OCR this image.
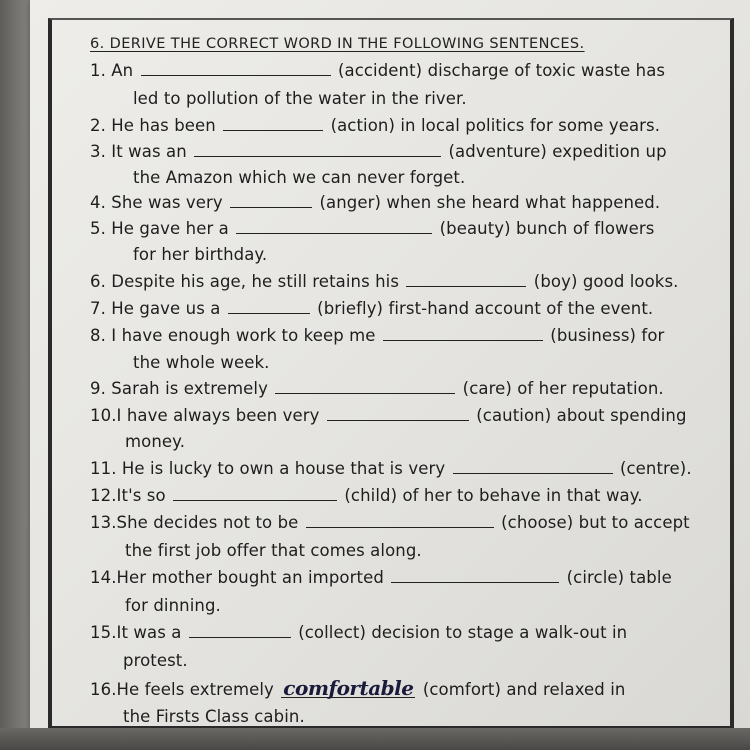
6. DERIVE THE CORRECT WORD IN THE FOLLOWING SENTENCES.
1. An	(accident) discharge of toxic waste has
led to pollution of the water in the river.
2. He has been	(action) in local politics for some years.
3. It was an	(adventure) expedition up
the Amazon which we can never forget.
4. She was very	(anger) when she heard what happened.
5. He gave her a	(beauty) bunch of flowers
for her birthday.
6. Despite his age, he still retains his	(boy) good looks.
7. He gave us a	(briefly) first-hand account of the event.
8. I have enough work to keep me	(business) for
the whole week.
9. Sarah is extremely	(care) of her reputation.
10.I have always been very	(caution) about spending
money.
11. He is lucky to own a house that is very	(centre).
12.It's so	(child) of her to behave in that way.
13.She decides not to be	(choose) but to accept
the first job offer that comes along.
14.Her mother bought an imported	(circle) table
for dinning.
15.It was a	(collect) decision to stage a walk-out in
protest.
16.He feels extremely comfortable (comfort) and relaxed in
the Firsts Class cabin.
